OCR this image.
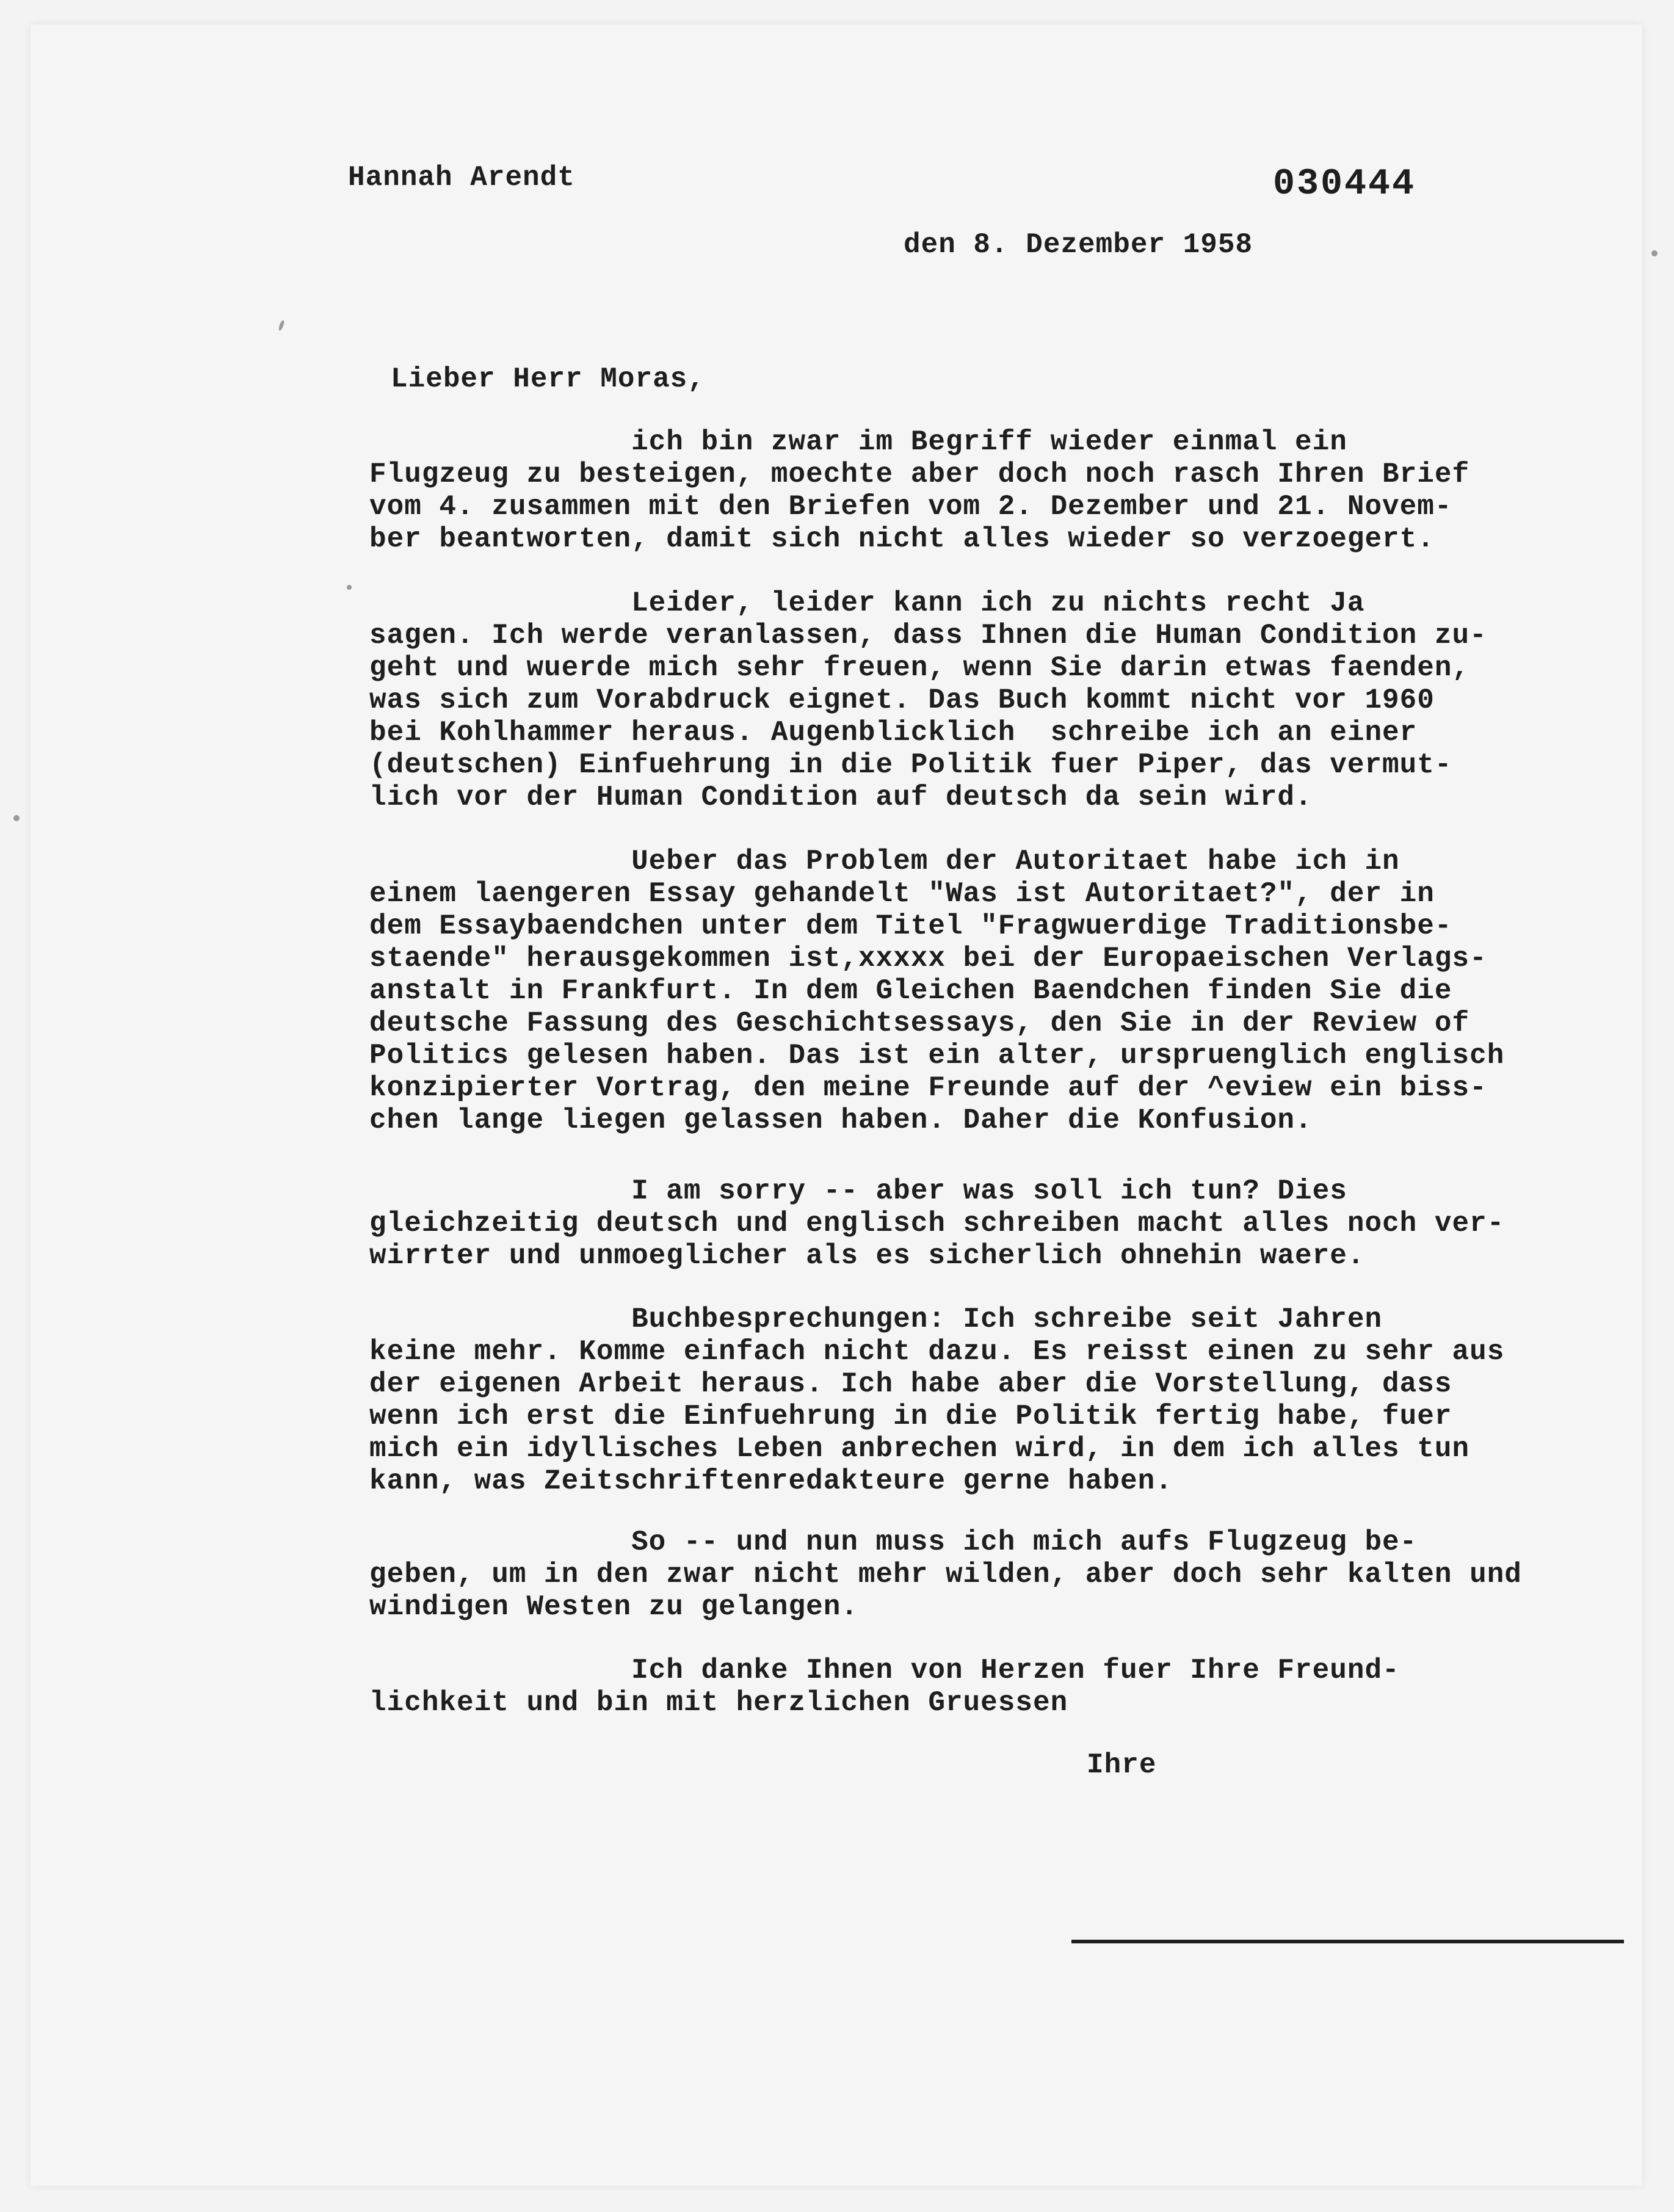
Hannah Arendt	030444
den 8. Dezember 1958
Lieber Herr Moras,
ich bin zwar im Begriff wieder einmal ein
Flugzeug zu besteigen, moechte aber doch noch rasch Ihren Brief
vom 4. zusammen mit den Briefen vom 2. Dezember und 21. Novem-
ber beantworten, damit sich nicht alles wieder so verzoegert.
Leider, leider kann ich zu nichts recht Ja
sagen. Ich werde veranlassen, dass Ihnen die Human Condition zu-
geht und wuerde mich sehr freuen, wenn Sie darin etwas faenden,
was sich zum Vorabdruck eignet. Das Buch kommt nicht vor 1960
bei Kohlhammer heraus. Augenblicklich  schreibe ich an einer
(deutschen) Einfuehrung in die Politik fuer Piper, das vermut-
lich vor der Human Condition auf deutsch da sein wird.
Ueber das Problem der Autoritaet habe ich in
einem laengeren Essay gehandelt "Was ist Autoritaet?", der in
dem Essaybaendchen unter dem Titel "Fragwuerdige Traditionsbe-
staende" herausgekommen ist,xxxxx bei der Europaeischen Verlags-
anstalt in Frankfurt. In dem Gleichen Baendchen finden Sie die
deutsche Fassung des Geschichtsessays, den Sie in der Review of
Politics gelesen haben. Das ist ein alter, urspruenglich englisch
konzipierter Vortrag, den meine Freunde auf der ^eview ein biss-
chen lange liegen gelassen haben. Daher die Konfusion.
I am sorry -- aber was soll ich tun? Dies
gleichzeitig deutsch und englisch schreiben macht alles noch ver-
wirrter und unmoeglicher als es sicherlich ohnehin waere.
Buchbesprechungen: Ich schreibe seit Jahren
keine mehr. Komme einfach nicht dazu. Es reisst einen zu sehr aus
der eigenen Arbeit heraus. Ich habe aber die Vorstellung, dass
wenn ich erst die Einfuehrung in die Politik fertig habe, fuer
mich ein idyllisches Leben anbrechen wird, in dem ich alles tun
kann, was Zeitschriftenredakteure gerne haben.
So -- und nun muss ich mich aufs Flugzeug be-
geben, um in den zwar nicht mehr wilden, aber doch sehr kalten und
windigen Westen zu gelangen.
Ich danke Ihnen von Herzen fuer Ihre Freund-
lichkeit und bin mit herzlichen Gruessen
Ihre
